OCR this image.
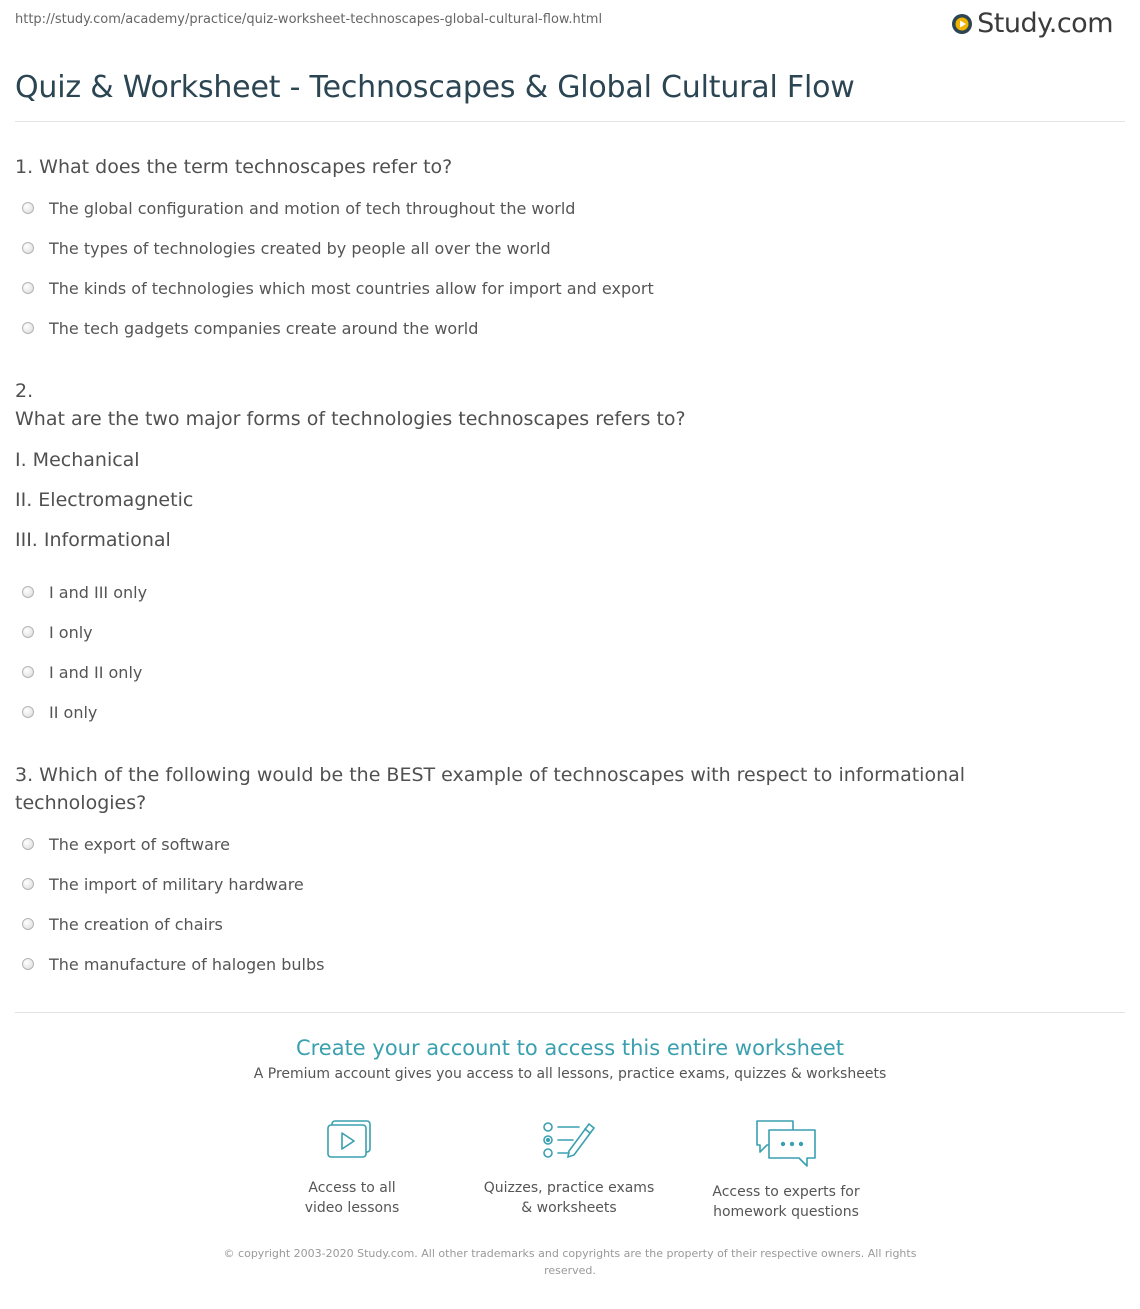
http://study.com/academy/practice/quiz-worksheet-technoscapes-global-cultural-flow.html	Study.com
Quiz & Worksheet - Technoscapes & Global Cultural Flow
1. What does the term technoscapes refer to?
The global configuration and motion of tech throughout the world
The types of technologies created by people all over the world
The kinds of technologies which most countries allow for import and export
The tech gadgets companies create around the world
2.
What are the two major forms of technologies technoscapes refers to?
I. Mechanical
II. Electromagnetic
III. Informational
I and III only
I only
I and II only
II only
3. Which of the following would be the BEST example of technoscapes with respect to informational technologies?
The export of software
The import of military hardware
The creation of chairs
The manufacture of halogen bulbs
Create your account to access this entire worksheet
A Premium account gives you access to all lessons, practice exams, quizzes & worksheets
Access to all
video lessons
Quizzes, practice exams
& worksheets
Access to experts for
homework questions
© copyright 2003-2020 Study.com. All other trademarks and copyrights are the property of their respective owners. All rights reserved.
